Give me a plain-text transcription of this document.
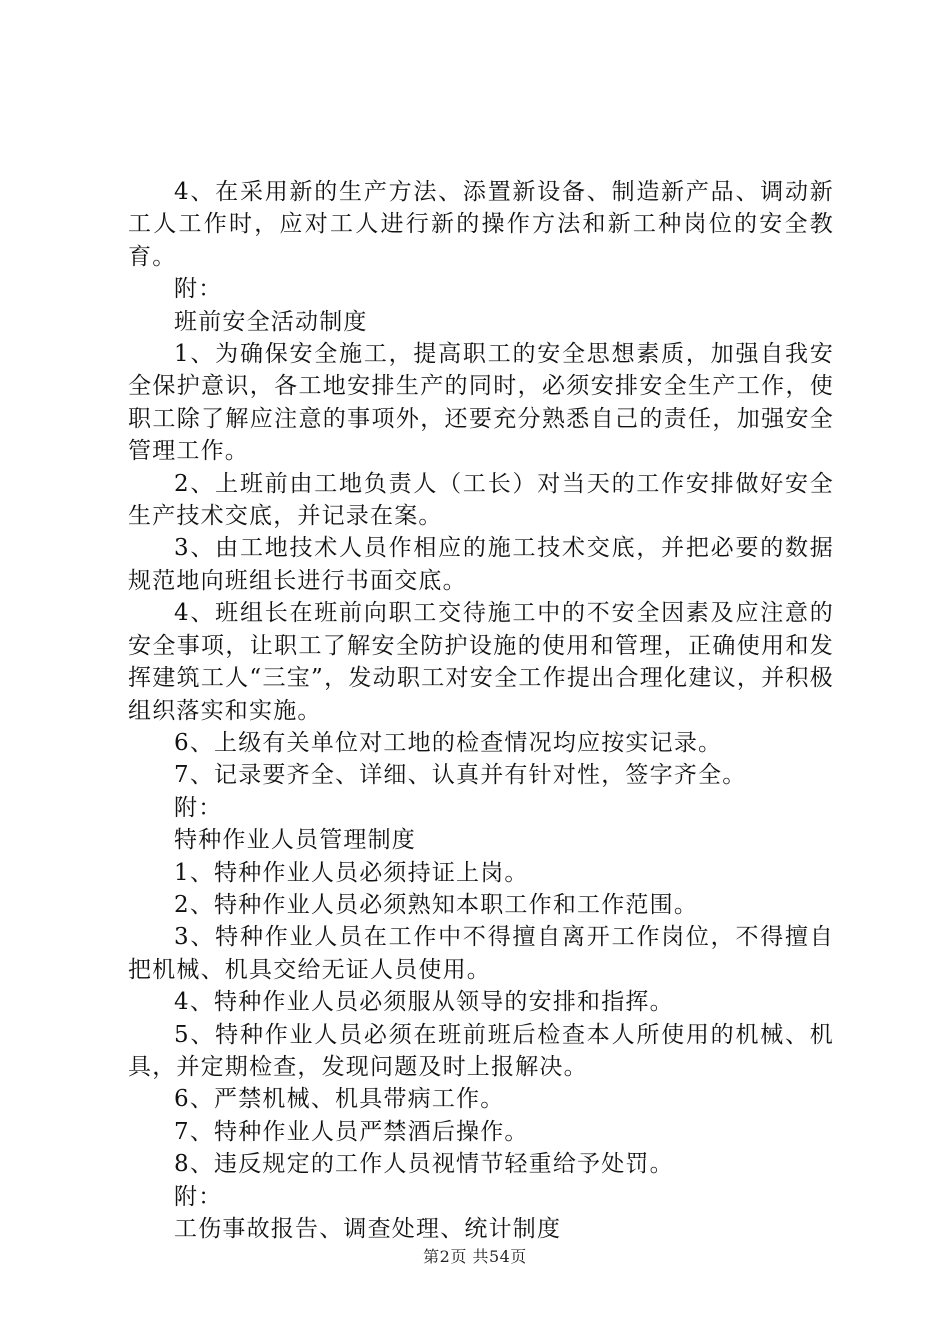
4、在采用新的生产方法、添置新设备、制造新产品、调动新工人工作时，应对工人进行新的操作方法和新工种岗位的安全教育。

附：

班前安全活动制度

1、为确保安全施工，提高职工的安全思想素质，加强自我安全保护意识，各工地安排生产的同时，必须安排安全生产工作，使职工除了解应注意的事项外，还要充分熟悉自己的责任，加强安全管理工作。

2、上班前由工地负责人（工长）对当天的工作安排做好安全生产技术交底，并记录在案。

3、由工地技术人员作相应的施工技术交底，并把必要的数据规范地向班组长进行书面交底。

4、班组长在班前向职工交待施工中的不安全因素及应注意的安全事项，让职工了解安全防护设施的使用和管理，正确使用和发挥建筑工人“三宝”，发动职工对安全工作提出合理化建议，并积极组织落实和实施。

6、上级有关单位对工地的检查情况均应按实记录。

7、记录要齐全、详细、认真并有针对性，签字齐全。

附：

特种作业人员管理制度

1、特种作业人员必须持证上岗。

2、特种作业人员必须熟知本职工作和工作范围。

3、特种作业人员在工作中不得擅自离开工作岗位，不得擅自把机械、机具交给无证人员使用。

4、特种作业人员必须服从领导的安排和指挥。

5、特种作业人员必须在班前班后检查本人所使用的机械、机具，并定期检查，发现问题及时上报解决。

6、严禁机械、机具带病工作。

7、特种作业人员严禁酒后操作。

8、违反规定的工作人员视情节轻重给予处罚。

附：

工伤事故报告、调查处理、统计制度

第2页 共54页
